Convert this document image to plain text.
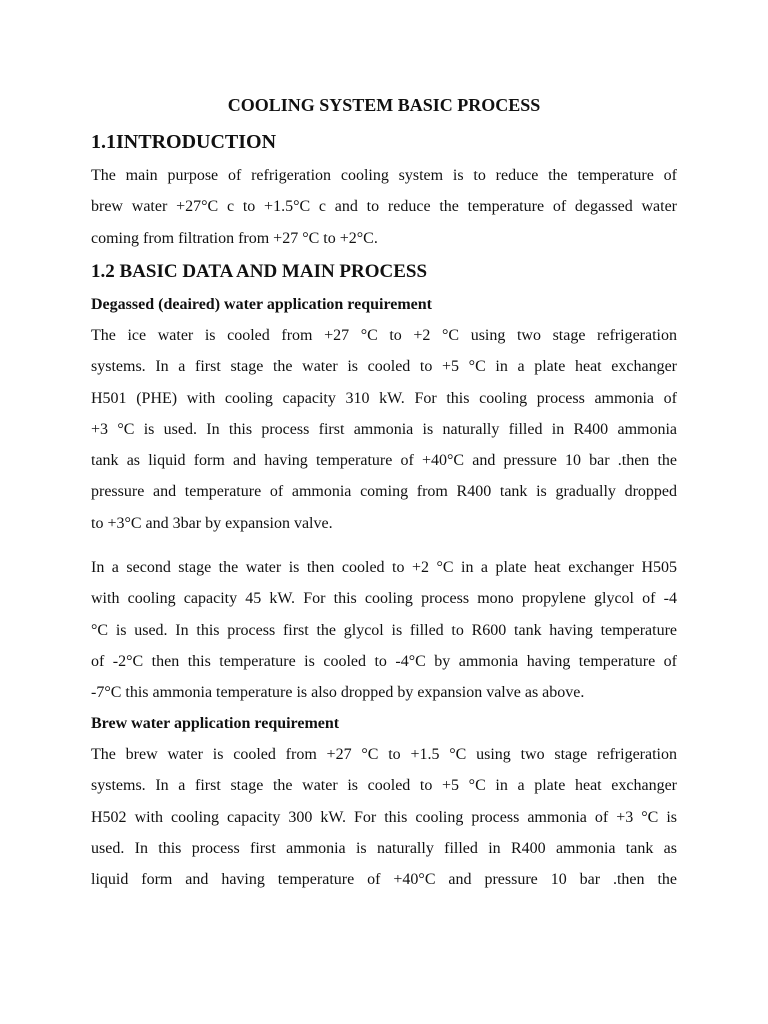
COOLING SYSTEM BASIC PROCESS
1.1INTRODUCTION

The main purpose of refrigeration cooling system is to reduce the temperature of
brew water +27°C c to +1.5°C c and to reduce the temperature of degassed water
coming from filtration from +27 °C to +2°C.

1.2 BASIC DATA AND MAIN PROCESS
Degassed (deaired) water application requirement

The ice water is cooled from +27 °C to +2 °C using two stage refrigeration
systems. In a first stage the water is cooled to +5 °C in a plate heat exchanger
H501 (PHE) with cooling capacity 310 kW. For this cooling process ammonia of
+3 °C is used. In this process first ammonia is naturally filled in R400 ammonia
tank as liquid form and having temperature of +40°C and pressure 10 bar .then the
pressure and temperature of ammonia coming from R400 tank is gradually dropped
to +3°C and 3bar by expansion valve.

In a second stage the water is then cooled to +2 °C in a plate heat exchanger H505
with cooling capacity 45 kW. For this cooling process mono propylene glycol of -4
°C is used. In this process first the glycol is filled to R600 tank having temperature
of -2°C then this temperature is cooled to -4°C by ammonia having temperature of
-7°C this ammonia temperature is also dropped by expansion valve as above.

Brew water application requirement

The brew water is cooled from +27 °C to +1.5 °C using two stage refrigeration
systems. In a first stage the water is cooled to +5 °C in a plate heat exchanger
H502 with cooling capacity 300 kW. For this cooling process ammonia of +3 °C is
used. In this process first ammonia is naturally filled in R400 ammonia tank as
liquid form and having temperature of +40°C and pressure 10 bar .then the
